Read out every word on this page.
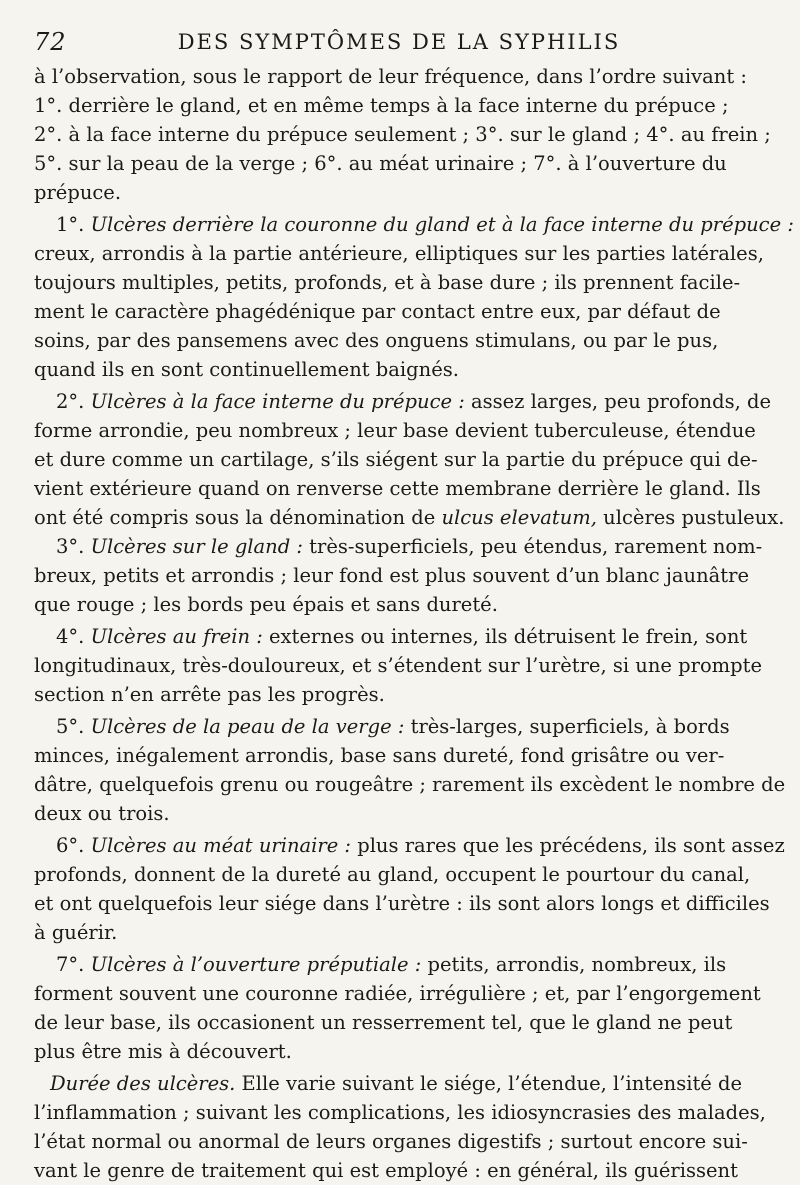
72	DES SYMPTÔMES DE LA SYPHILIS
à l’observation, sous le rapport de leur fréquence, dans l’ordre suivant :
1°. derrière le gland, et en même temps à la face interne du prépuce ;
2°. à la face interne du prépuce seulement ; 3°. sur le gland ; 4°. au frein ;
5°. sur la peau de la verge ; 6°. au méat urinaire ; 7°. à l’ouverture du
prépuce.
1°. Ulcères derrière la couronne du gland et à la face interne du prépuce :
creux, arrondis à la partie antérieure, elliptiques sur les parties latérales,
toujours multiples, petits, profonds, et à base dure ; ils prennent facile-
ment le caractère phagédénique par contact entre eux, par défaut de
soins, par des pansemens avec des onguens stimulans, ou par le pus,
quand ils en sont continuellement baignés.
2°. Ulcères à la face interne du prépuce : assez larges, peu profonds, de
forme arrondie, peu nombreux ; leur base devient tuberculeuse, étendue
et dure comme un cartilage, s’ils siégent sur la partie du prépuce qui de-
vient extérieure quand on renverse cette membrane derrière le gland. Ils
ont été compris sous la dénomination de ulcus elevatum, ulcères pustuleux.
3°. Ulcères sur le gland : très-superficiels, peu étendus, rarement nom-
breux, petits et arrondis ; leur fond est plus souvent d’un blanc jaunâtre
que rouge ; les bords peu épais et sans dureté.
4°. Ulcères au frein : externes ou internes, ils détruisent le frein, sont
longitudinaux, très-douloureux, et s’étendent sur l’urètre, si une prompte
section n’en arrête pas les progrès.
5°. Ulcères de la peau de la verge : très-larges, superficiels, à bords
minces, inégalement arrondis, base sans dureté, fond grisâtre ou ver-
dâtre, quelquefois grenu ou rougeâtre ; rarement ils excèdent le nombre de
deux ou trois.
6°. Ulcères au méat urinaire : plus rares que les précédens, ils sont assez
profonds, donnent de la dureté au gland, occupent le pourtour du canal,
et ont quelquefois leur siége dans l’urètre : ils sont alors longs et difficiles
à guérir.
7°. Ulcères à l’ouverture préputiale : petits, arrondis, nombreux, ils
forment souvent une couronne radiée, irrégulière ; et, par l’engorgement
de leur base, ils occasionent un resserrement tel, que le gland ne peut
plus être mis à découvert.
Durée des ulcères. Elle varie suivant le siége, l’étendue, l’intensité de
l’inflammation ; suivant les complications, les idiosyncrasies des malades,
l’état normal ou anormal de leurs organes digestifs ; surtout encore sui-
vant le genre de traitement qui est employé : en général, ils guérissent
